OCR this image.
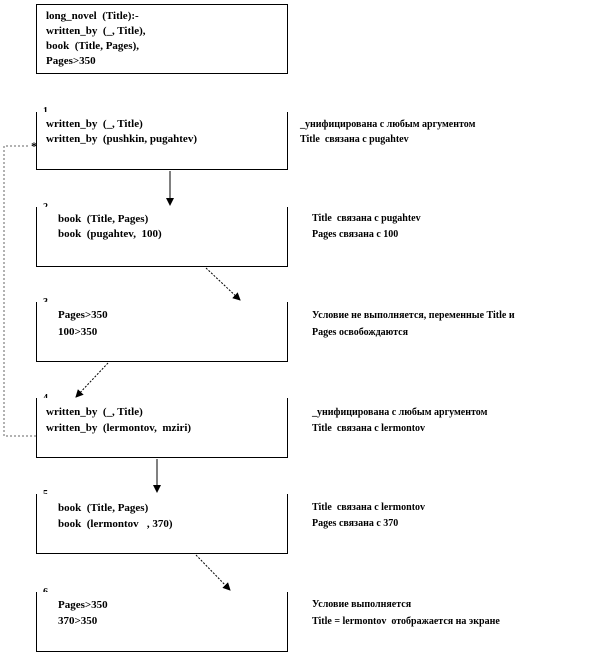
long_novel  (Title):-
written_by  (_, Title),
book  (Title, Pages),
Pages>350
written_by  (_, Title)
written_by  (pushkin, pugahtev)
_унифицирована с любым аргументом
Title  связана с pugahtev
book  (Title, Pages)
book  (pugahtev,  100)
Title  связана с pugahtev
Pages связана с 100
Pages>350
100>350
Условие не выполняется, переменные Title и
Pages освобождаются
written_by  (_, Title)
written_by  (lermontov,  mziri)
_унифицирована с любым аргументом
Title  связана с lermontov
book  (Title, Pages)
book  (lermontov   , 370)
Title  связана с lermontov
Pages связана с 370
Pages>350
370>350
Условие выполняется
Title = lermontov  отображается на экране
*
